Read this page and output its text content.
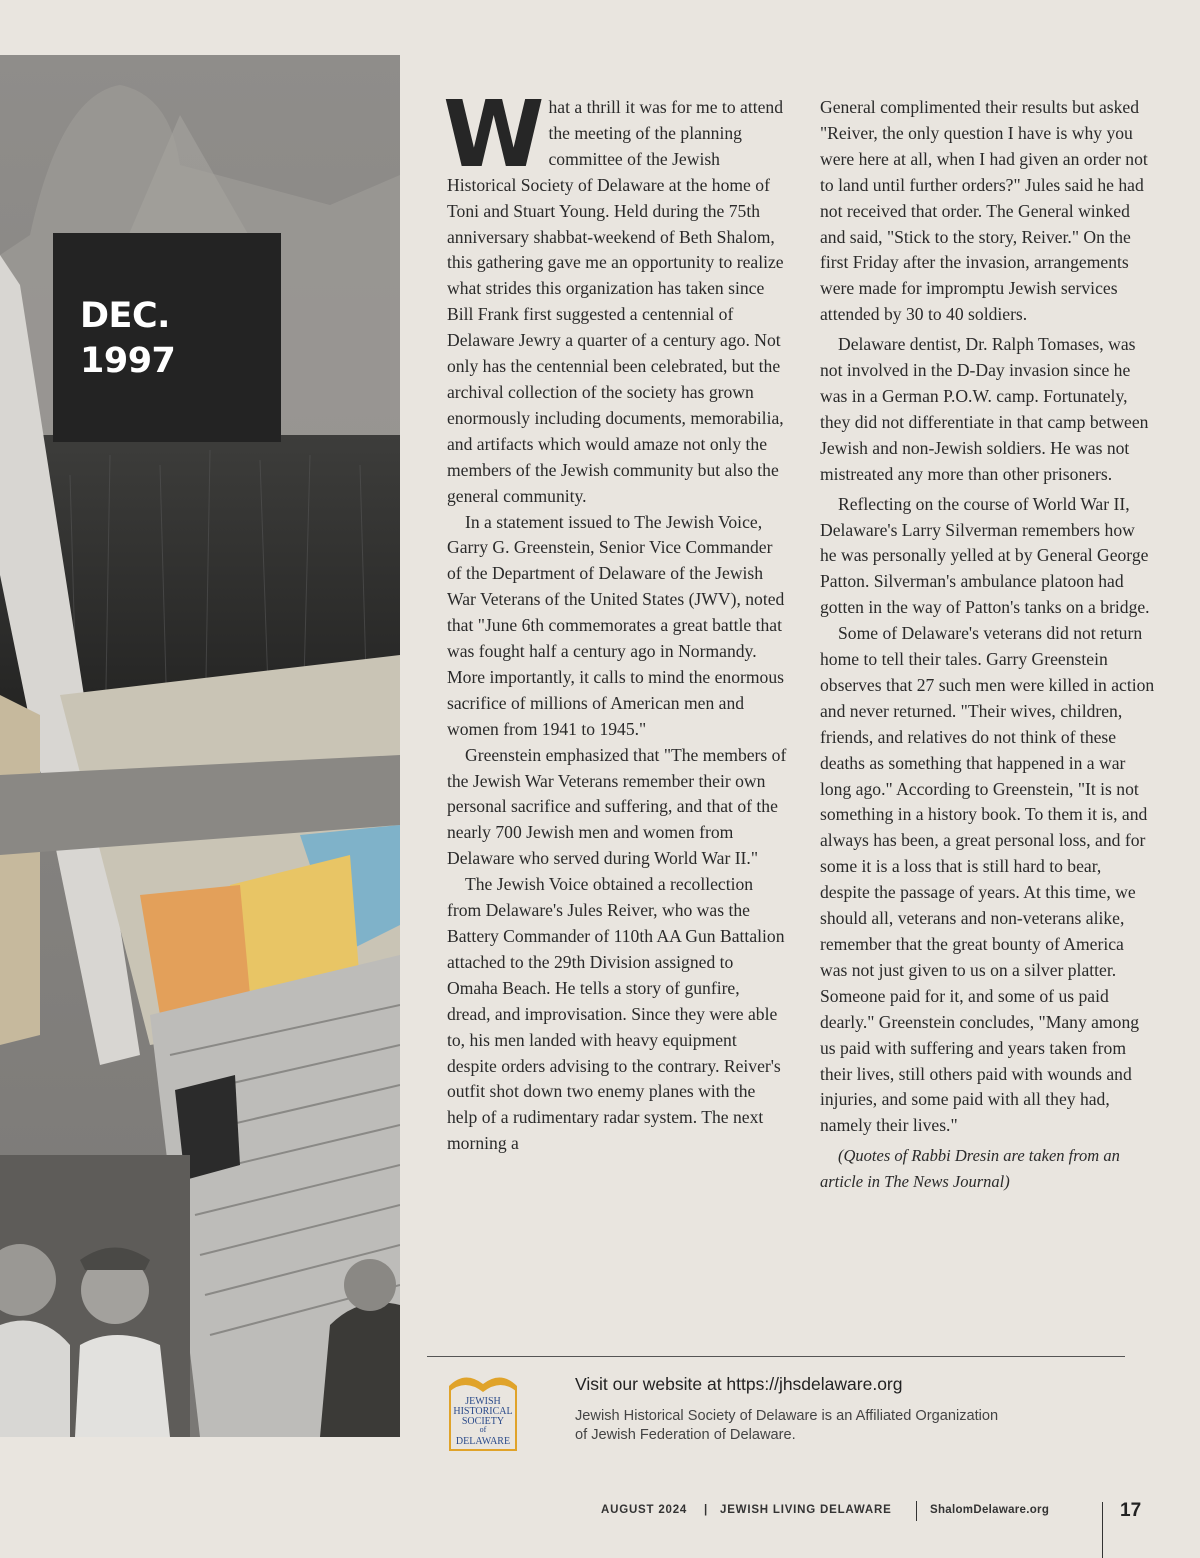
DEC.
1997

W hat a thrill it was for me to attend the meeting of the planning committee of the Jewish Historical Society of Delaware at the home of Toni and Stuart Young. Held during the 75th anniversary shabbat-weekend of Beth Shalom, this gathering gave me an opportunity to realize what strides this organization has taken since Bill Frank first suggested a centennial of Delaware Jewry a quarter of a century ago. Not only has the centennial been celebrated, but the archival collection of the society has grown enormously including documents, memorabilia, and artifacts which would amaze not only the members of the Jewish community but also the general community.

In a statement issued to The Jewish Voice, Garry G. Greenstein, Senior Vice Commander of the Department of Delaware of the Jewish War Veterans of the United States (JWV), noted that "June 6th commemorates a great battle that was fought half a century ago in Normandy. More importantly, it calls to mind the enormous sacrifice of millions of American men and women from 1941 to 1945."

Greenstein emphasized that "The members of the Jewish War Veterans remember their own personal sacrifice and suffering, and that of the nearly 700 Jewish men and women from Delaware who served during World War II."

The Jewish Voice obtained a recollection from Delaware's Jules Reiver, who was the Battery Commander of 110th AA Gun Battalion attached to the 29th Division assigned to Omaha Beach. He tells a story of gunfire, dread, and improvisation. Since they were able to, his men landed with heavy equipment despite orders advising to the contrary. Reiver's outfit shot down two enemy planes with the help of a rudimentary radar system. The next morning a

General complimented their results but asked "Reiver, the only question I have is why you were here at all, when I had given an order not to land until further orders?" Jules said he had not received that order. The General winked and said, "Stick to the story, Reiver." On the first Friday after the invasion, arrangements were made for impromptu Jewish services attended by 30 to 40 soldiers.

Delaware dentist, Dr. Ralph Tomases, was not involved in the D-Day invasion since he was in a German P.O.W. camp. Fortunately, they did not differentiate in that camp between Jewish and non-Jewish soldiers. He was not mistreated any more than other prisoners.

Reflecting on the course of World War II, Delaware's Larry Silverman remembers how he was personally yelled at by General George Patton. Silverman's ambulance platoon had gotten in the way of Patton's tanks on a bridge.

Some of Delaware's veterans did not return home to tell their tales. Garry Greenstein observes that 27 such men were killed in action and never returned. "Their wives, children, friends, and relatives do not think of these deaths as something that happened in a war long ago." According to Greenstein, "It is not something in a history book. To them it is, and always has been, a great personal loss, and for some it is a loss that is still hard to bear, despite the passage of years. At this time, we should all, veterans and non-veterans alike, remember that the great bounty of America was not just given to us on a silver platter. Someone paid for it, and some of us paid dearly." Greenstein concludes, "Many among us paid with suffering and years taken from their lives, still others paid with wounds and injuries, and some paid with all they had, namely their lives."

(Quotes of Rabbi Dresin are taken from an article in The News Journal)

JEWISH
HISTORICAL
SOCIETY
of
DELAWARE
Visit our website at https://jhsdelaware.org
Jewish Historical Society of Delaware is an Affiliated Organization of Jewish Federation of Delaware.
AUGUST 2024 | JEWISH LIVING DELAWARE	ShalomDelaware.org	17
